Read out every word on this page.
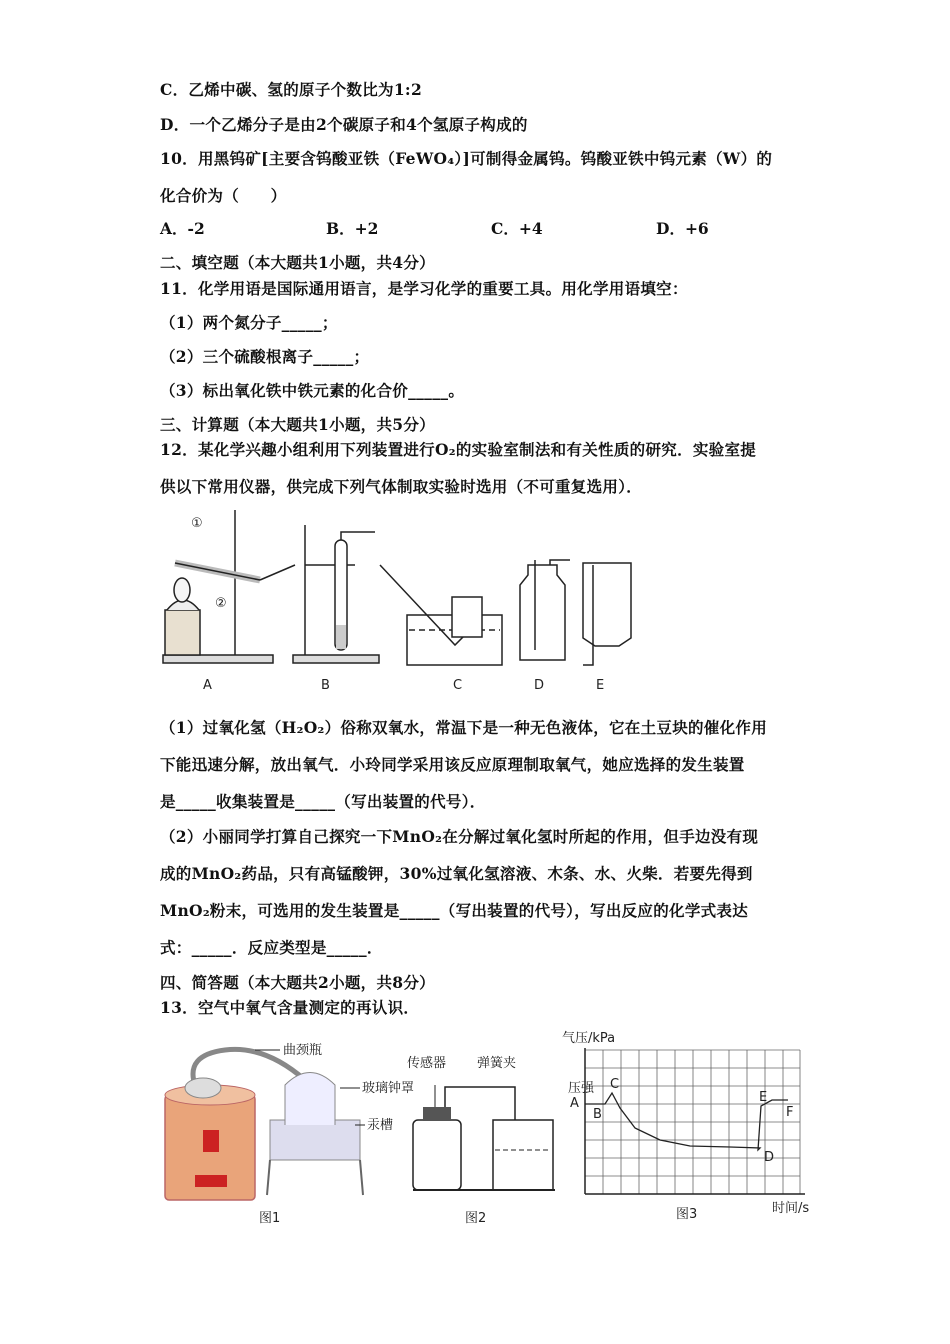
C．乙烯中碳、氢的原子个数比为1:2
D．一个乙烯分子是由2个碳原子和4个氢原子构成的
10．用黑钨矿[主要含钨酸亚铁（FeWO₄）]可制得金属钨。钨酸亚铁中钨元素（W）的
化合价为（　　）
A．-2	B．+2	C．+4	D．+6
二、填空题（本大题共1小题，共4分）
11．化学用语是国际通用语言，是学习化学的重要工具。用化学用语填空：
（1）两个氮分子_____；
（2）三个硫酸根离子_____；
（3）标出氧化铁中铁元素的化合价_____。
三、计算题（本大题共1小题，共5分）
12．某化学兴趣小组利用下列装置进行O₂的实验室制法和有关性质的研究．实验室提
供以下常用仪器，供完成下列气体制取实验时选用（不可重复选用）．
①
②
A	B	C	D	E
（1）过氧化氢（H₂O₂）俗称双氧水，常温下是一种无色液体，它在土豆块的催化作用
下能迅速分解，放出氧气．小玲同学采用该反应原理制取氧气，她应选择的发生装置
是_____收集装置是_____（写出装置的代号）．
（2）小丽同学打算自己探究一下MnO₂在分解过氧化氢时所起的作用，但手边没有现
成的MnO₂药品，只有高锰酸钾，30%过氧化氢溶液、木条、水、火柴．若要先得到
MnO₂粉末，可选用的发生装置是_____（写出装置的代号），写出反应的化学式表达
式：_____．反应类型是_____．
四、简答题（本大题共2小题，共8分）
13．空气中氧气含量测定的再认识．
曲颈瓶
玻璃钟罩
汞槽
图1
传感器 弹簧夹
图2
气压/kPa
压强
A
B
C
D
E
F
图3	时间/s
